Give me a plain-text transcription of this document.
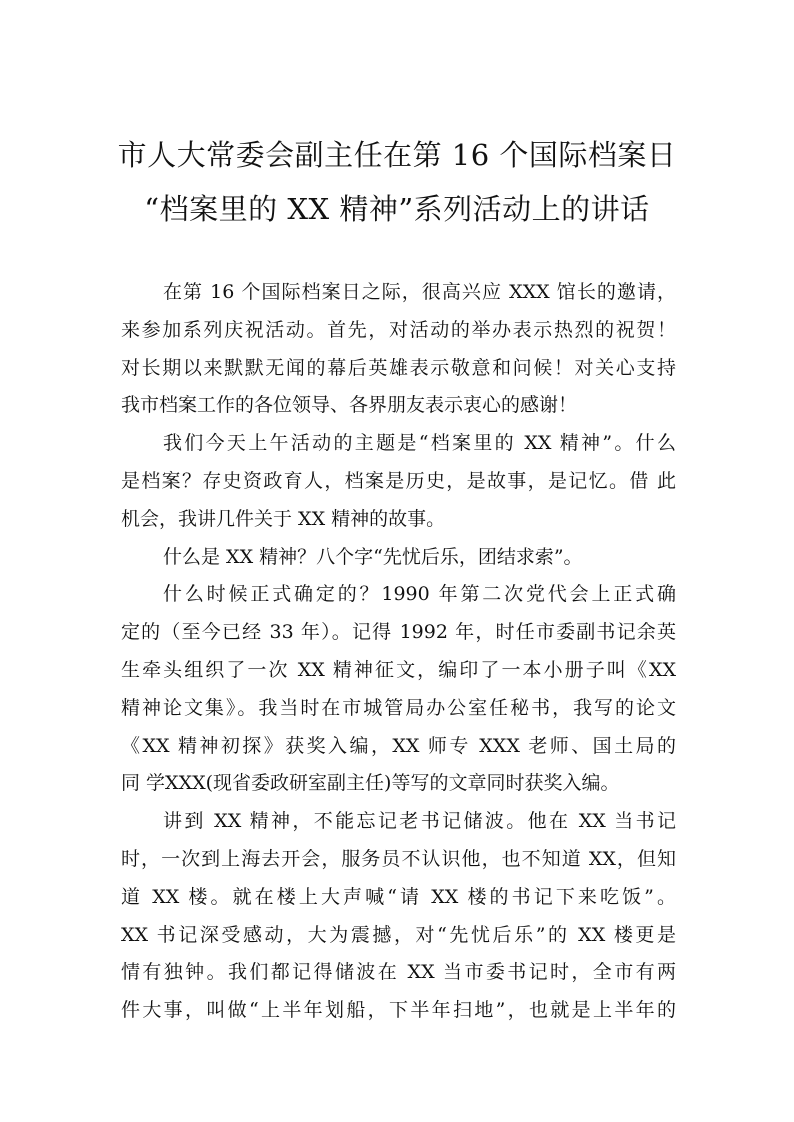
市人大常委会副主任在第 16 个国际档案日
“档案里的 XX 精神”系列活动上的讲话
在第 16 个国际档案日之际，很高兴应 XXX 馆长的邀请，
来参加系列庆祝活动。首先，对活动的举办表示热烈的祝贺！
对长期以来默默无闻的幕后英雄表示敬意和问候！对关心支持
我市档案工作的各位领导、各界朋友表示衷心的感谢！
我们今天上午活动的主题是“档案里的 XX 精神”。什么
是档案？存史资政育人，档案是历史，是故事，是记忆。借 此
机会，我讲几件关于 XX 精神的故事。
什么是 XX 精神？八个字“先忧后乐，团结求索”。
什么时候正式确定的？1990 年第二次党代会上正式确
定的（至今已经 33 年）。记得 1992 年，时任市委副书记余英
生牵头组织了一次 XX 精神征文，编印了一本小册子叫《XX
精神论文集》。我当时在市城管局办公室任秘书，我写的论文
《XX 精神初探》获奖入编，XX 师专 XXX 老师、国土局的
同 学XXX(现省委政研室副主任)等写的文章同时获奖入编。
讲到 XX 精神，不能忘记老书记储波。他在 XX 当书记
时，一次到上海去开会，服务员不认识他，也不知道 XX，但知
道 XX 楼。就在楼上大声喊“请 XX 楼的书记下来吃饭”。
XX 书记深受感动，大为震撼，对“先忧后乐”的 XX 楼更是
情有独钟。我们都记得储波在 XX 当市委书记时，全市有两
件大事，叫做“上半年划船，下半年扫地”，也就是上半年的
